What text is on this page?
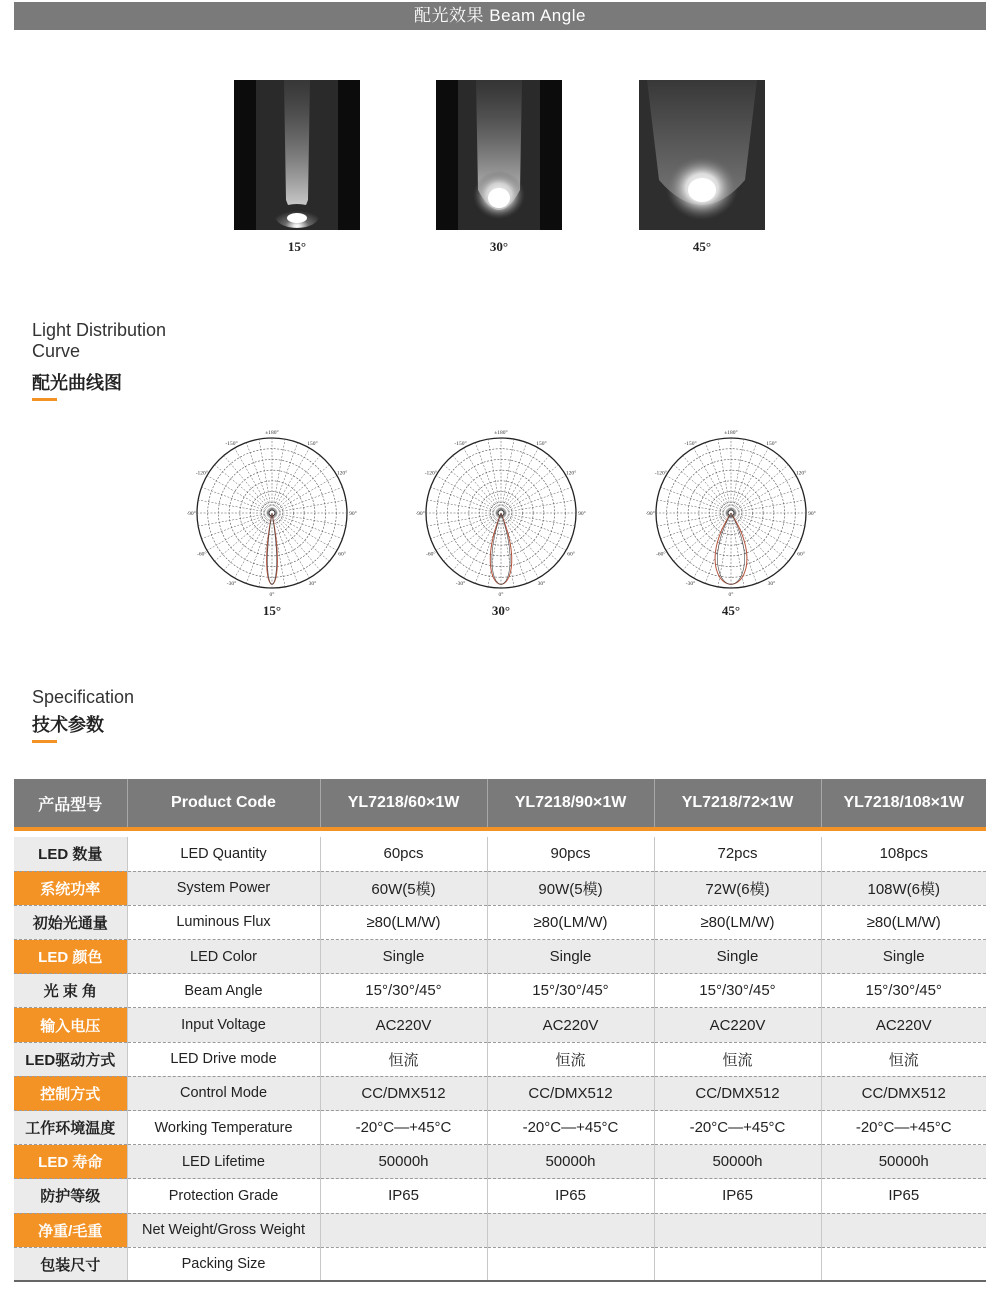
配光效果 Beam Angle
15°	30°	45°
Light Distribution
Curve
配光曲线图
±180°
150°
-150°
120°
-120°
90°
-90°
60°
-60°
30°
-30°
0°
±180°
150°
-150°
120°
-120°
90°
-90°
60°
-60°
30°
-30°
0°
±180°
150°
-150°
120°
-120°
90°
-90°
60°
-60°
30°
-30°
0°
15°	30°	45°
Specification
技术参数
产品型号	Product Code	YL7218/60×1W	YL7218/90×1W	YL7218/72×1W	YL7218/108×1W

LED 数量	LED Quantity	60pcs	90pcs	72pcs	108pcs
系统功率	System Power	60W(5模)	90W(5模)	72W(6模)	108W(6模)
初始光通量	Luminous Flux	≥80(LM/W)	≥80(LM/W)	≥80(LM/W)	≥80(LM/W)
LED 颜色	LED Color	Single	Single	Single	Single
光 束 角	Beam Angle	15°/30°/45°	15°/30°/45°	15°/30°/45°	15°/30°/45°
输入电压	Input Voltage	AC220V	AC220V	AC220V	AC220V
LED驱动方式	LED Drive mode	恒流	恒流	恒流	恒流
控制方式	Control Mode	CC/DMX512	CC/DMX512	CC/DMX512	CC/DMX512
工作环境温度	Working Temperature	-20°C—+45°C	-20°C—+45°C	-20°C—+45°C	-20°C—+45°C
LED 寿命	LED Lifetime	50000h	50000h	50000h	50000h
防护等级	Protection Grade	IP65	IP65	IP65	IP65
净重/毛重	Net Weight/Gross Weight				
包装尺寸	Packing Size				
